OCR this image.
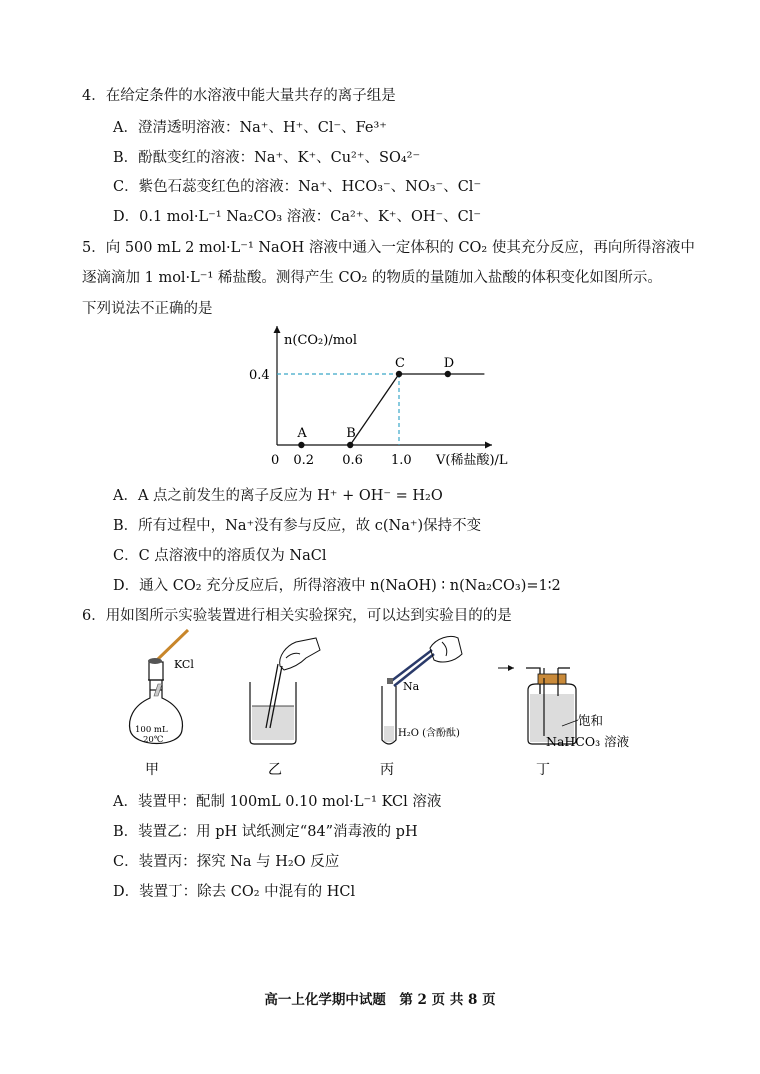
4．在给定条件的水溶液中能大量共存的离子组是
A．澄清透明溶液：Na⁺、H⁺、Cl⁻、Fe³⁺
B．酚酞变红的溶液：Na⁺、K⁺、Cu²⁺、SO₄²⁻
C．紫色石蕊变红色的溶液：Na⁺、HCO₃⁻、NO₃⁻、Cl⁻
D．0.1 mol·L⁻¹ Na₂CO₃ 溶液：Ca²⁺、K⁺、OH⁻、Cl⁻
5．向 500 mL 2 mol·L⁻¹ NaOH 溶液中通入一定体积的 CO₂ 使其充分反应，再向所得溶液中
逐滴滴加 1 mol·L⁻¹ 稀盐酸。测得产生 CO₂ 的物质的量随加入盐酸的体积变化如图所示。
下列说法不正确的是
n(CO₂)/mol
V(稀盐酸)/L
0
A	B
C	D
0.2 0.6 1.0
0.4
A．A 点之前发生的离子反应为 H⁺ + OH⁻ = H₂O
B．所有过程中，Na⁺没有参与反应，故 c(Na⁺)保持不变
C．C 点溶液中的溶质仅为 NaCl
D．通入 CO₂ 充分反应后，所得溶液中 n(NaOH) ∶ n(Na₂CO₃)=1∶2
6．用如图所示实验装置进行相关实验探究，可以达到实验目的的是
KCl
100 mL
20℃
甲	乙
Na
H₂O (含酚酞)
丙
饱和
NaHCO₃ 溶液
丁
A．装置甲：配制 100mL 0.10 mol·L⁻¹ KCl 溶液
B．装置乙：用 pH 试纸测定“84”消毒液的 pH
C．装置丙：探究 Na 与 H₂O 反应
D．装置丁：除去 CO₂ 中混有的 HCl
高一上化学期中试题　第 2 页 共 8 页
